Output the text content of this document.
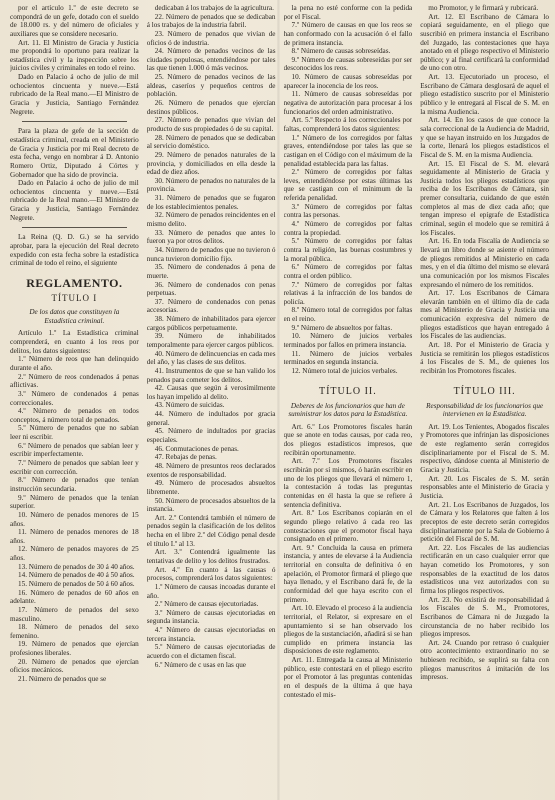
por el artículo 1.º de este decreto se compondrá de un gefe, dotado con el sueldo de 18.000 rs. y del número de oficiales y auxiliares que se considere necesario.

Art. 11. El Ministro de Gracia y Justicia me propondrá lo oportuno para realizar la estadística civil y la inspección sobre los juicios civiles y criminales en todo el reino.

Dado en Palacio á ocho de julio de mil ochocientos cincuenta y nueve.—Está rubricado de la Real mano.—El Ministro de Gracia y Justicia, Santiago Fernández Negrete.

Para la plaza de gefe de la sección de estadística criminal, creada en el Ministerio de Gracia y Justicia por mi Real decreto de esta fecha, vengo en nombrar á D. Antonio Romero Ortiz, Diputado á Córtes y Gobernador que ha sido de provincia.

Dado en Palacio á ocho de julio de mil ochocientos cincuenta y nueve.—Está rubricado de la Real mano.—El Ministro de Gracia y Justicia, Santiago Fernández Negrete.

La Reina (Q. D. G.) se ha servido aprobar, para la ejecución del Real decreto expedido con esta fecha sobre la estadística criminal de todo el reino, el siguiente

REGLAMENTO.
TÍTULO I
De los datos que constituyen la Estadística criminal.

Artículo 1.º La Estadística criminal comprenderá, en cuanto á los reos por delitos, los datos siguientes:

1.º Número de reos que han delinquido durante el año.

2.º Número de reos condenados á penas aflictivas.

3.º Número de condenados á penas correccionales.

4.º Número de penados en todos conceptos, á número total de penados.

5.º Número de penados que no sabían leer ni escribir.

6.º Número de penados que sabían leer y escribir imperfectamente.

7.º Número de penados que sabían leer y escribir con corrección.

8.º Número de penados que tenían instrucción secundaria.

9.º Número de penados que la tenían superior.

10. Número de penados menores de 15 años.

11. Número de penados menores de 18 años.

12. Número de penados mayores de 25 años.

13. Número de penados de 30 á 40 años.

14. Número de penados de 40 á 50 años.

15. Número de penados de 50 á 60 años.

16. Número de penados de 60 años en adelante.

17. Número de penados del sexo masculino.

18. Número de penados del sexo femenino.

19. Número de penados que ejercían profesiones liberales.

20. Número de penados que ejercían oficios mecánicos.

21. Número de penados que se

dedicaban á los trabajos de la agricultura.

22. Número de penados que se dedicaban á los trabajos de la industria fabril.

23. Número de penados que vivían de oficios ó de industria.

24. Número de penados vecinos de las ciudades populosas, entendiéndose por tales las que tienen 1.000 ó más vecinos.

25. Número de penados vecinos de las aldeas, caseríos y pequeños centros de población.

26. Número de penados que ejercían destinos públicos.

27. Número de penados que vivían del producto de sus propiedades ó de su capital.

28. Número de penados que se dedicaban al servicio doméstico.

29. Número de penados naturales de la provincia, y domiciliados en ella desde la edad de diez años.

30. Número de penados no naturales de la provincia.

31. Número de penados que se fugaron de los establecimientos penales.

32. Número de penados reincidentes en el mismo delito.

33. Número de penados que antes lo fueron ya por otros delitos.

34. Número de penados que no tuvieron ó nunca tuvieron domicilio fijo.

35. Número de condenados á pena de muerte.

36. Número de condenados con penas perpetuas.

37. Número de condenados con penas accesorias.

38. Número de inhabilitados para ejercer cargos públicos perpetuamente.

39. Número de inhabilitados temporalmente para ejercer cargos públicos.

40. Número de delincuencias en cada mes del año, y las clases de sus delitos.

41. Instrumentos de que se han valido los penados para cometer los delitos.

42. Causas que según á verosímilmente los hayan impelido al delito.

43. Número de suicidas.

44. Número de indultados por gracia general.

45. Número de indultados por gracias especiales.

46. Conmutaciones de penas.

47. Rebajas de penas.

48. Número de presuntos reos declarados exentos de responsabilidad.

49. Número de procesados absueltos libremente.

50. Número de procesados absueltos de la instancia.

Art. 2.º Contendrá también el número de penados según la clasificación de los delitos hecha en el libre 2.º del Código penal desde el título I.º al 13.

Art. 3.º Contendrá igualmente las tentativas de delito y los delitos frustrados.

Art. 4.º En cuanto á las causas ó procesos, comprenderá los datos siguientes:

1.º Número de causas incoadas durante el año.

2.º Número de causas ejecutoriadas.

3.º Número de causas ejecutoriadas en segunda instancia.

4.º Número de causas ejecutoriadas en tercera instancia.

5.º Número de causas ejecutoriadas de acuerdo con el dictamen fiscal.

6.º Número de c usas en las que

la pena no esté conforme con la pedida por el Fiscal.

7.º Número de causas en que los reos se han conformado con la acusación ó el fallo de primera instancia.

8.º Número de causas sobreseídas.

9.º Número de causas sobreseídas por ser desconocidos los reos.

10. Número de causas sobreseídas por aparecer la inocencia de los reos.

11. Número de causas sobreseídas por negativa de autorización para procesar á los funcionarios del orden administrativo.

Art. 5.º Respecto á los correccionales por faltas, comprenderá los datos siguientes:

1.º Número de los corregidos por faltas graves, entendiéndose por tales las que se castigan en el Código con el máximum de la penalidad establecida para las faltas.

2.º Número de corregidos por faltas leves, entendiéndose por estas últimas las que se castigan con el mínimum de la referida penalidad.

3.º Número de corregidos por faltas contra las personas.

4.º Número de corregidos por faltas contra la propiedad.

5.º Número de corregidos por faltas contra la religión, las buenas costumbres y la moral pública.

6.º Número de corregidos por faltas contra el orden público.

7.º Número de corregidos por faltas relativas á la infracción de los bandos de policía.

8.º Número total de corregidos por faltas en el reino.

9.º Número de absueltos por faltas.

10. Número de juicios verbales terminados por fallos en primera instancia.

11. Número de juicios verbales terminados en segunda instancia.

12. Número total de juicios verbales.

TÍTULO II.
Deberes de los funcionarios que han de suministrar los datos para la Estadística.

Art. 6.º Los Promotores fiscales harán que se anote en todas causas, por cada reo, dos pliegos estadísticos impresos, que recibirán oportunamente.

Art. 7.º Los Promotores fiscales escribirán por sí mismos, ó harán escribir en uno de los pliegos que llevará el número 1, la contestación á todas las preguntas contenidas en él hasta la que se refiere á sentencia definitiva.

Art. 8.º Los Escribanos copiarán en el segundo pliego relativo á cada reo las contestaciones que el promotor fiscal haya consignado en el primero.

Art. 9.º Concluida la causa en primera instancia, y antes de elevarse á la Audiencia territorial en consulta de definitiva ó en apelación, el Promotor firmará el pliego que haya llenado, y el Escribano dará fe, de la conformidad del que haya escrito con el primero.

Art. 10. Elevado el proceso á la audiencia territorial, el Relator, si expresare en el apuntamiento si se han observado los pliegos de la sustanciación, añadirá si se han cumplido en primera instancia las disposiciones de este reglamento.

Art. 11. Entregada la causa al Ministerio público, este contestará en el pliego escrito por el Promotor á las preguntas contenidas en el después de la última á que haya contestado el mis-

mo Promotor, y le firmará y rubricará.

Art. 12. El Escribano de Cámara lo copiará seguidamente, en el pliego que suscribió en primera instancia el Escribano del Juzgado, las contestaciones que haya anotado en el pliego respectivo el Ministerio público; y al final certificará la conformidad de uno con otro.

Art. 13. Ejecutoriado un proceso, el Escribano de Cámara desglosará de aquel el pliego estadístico suscrito por el Ministerio público y le entregará al Fiscal de S. M. en la misma Audiencia.

Art. 14. En los casos de que conoce la sala correccional de la Audiencia de Madrid, y que se hayan instruido en los Juzgados de la corte, llenará los pliegos estadísticos el Fiscal de S. M. en la misma Audiencia.

Art. 15. El Fiscal de S. M. elevará seguidamente al Ministerio de Gracia y Justicia todos los pliegos estadísticos que reciba de los Escribanos de Cámara, sin premer consultaria, cuidando de que estén completos al mas de diez cada año; que tengan impreso el epígrafe de Estadística criminal, según el modelo que se remitirá á los Fiscales.

Art. 16. En toda Fiscalía de Audiencia se llevará un libro donde se asiente el número de pliegos remitidos al Ministerio en cada mes, y en el día último del mismo se elevará una comunicación por los mismos Fiscales expresando el número de los remitidos.

Art. 17. Los Escribanos de Cámara elevarán también en el último día de cada mes al Ministerio de Gracia y Justicia una comunicación expresiva del número de pliegos estadísticos que hayan entregado á los Fiscales de las audiencias.

Art. 18. Por el Ministerio de Gracia y Justicia se remitirán los pliegos estadísticos á los Fiscales de S. M., de quienes los recibirán los Promotores fiscales.

TÍTULO III.
Responsabilidad de los funcionarios que intervienen en la Estadística.

Art. 19. Los Tenientes, Abogados fiscales y Promotores que infrinjan las disposiciones de este reglamento serán corregidos disciplinariamente por el Fiscal de S. M. respectivo, dándose cuenta al Ministerio de Gracia y Justicia.

Art. 20. Los Fiscales de S. M. serán responsables ante el Ministerio de Gracia y Justicia.

Art. 21. Los Escribanos de Juzgados, los de Cámara y los Relatores que falten á los preceptos de este decreto serán corregidos disciplinariamente por la Sala de Gobierno á petición del Fiscal de S. M.

Art. 22. Los Fiscales de las audiencias rectificarán en un caso cualquier error que hayan cometido los Promotores, y son responsables de la exactitud de los datos estadísticos una vez autorizados con su firma los pliegos respectivos.

Art. 23. No existirá de responsabilidad á los Fiscales de S. M., Promotores, Escribanos de Cámara ni de Juzgado la circunstancia de no haber recibido los pliegos impresos.

Art. 24. Cuando por retraso ó cualquier otro acontecimiento extraordinario no se hubiesen recibido, se suplirá su falta con pliegos manuscritos á imitación de los impresos.
